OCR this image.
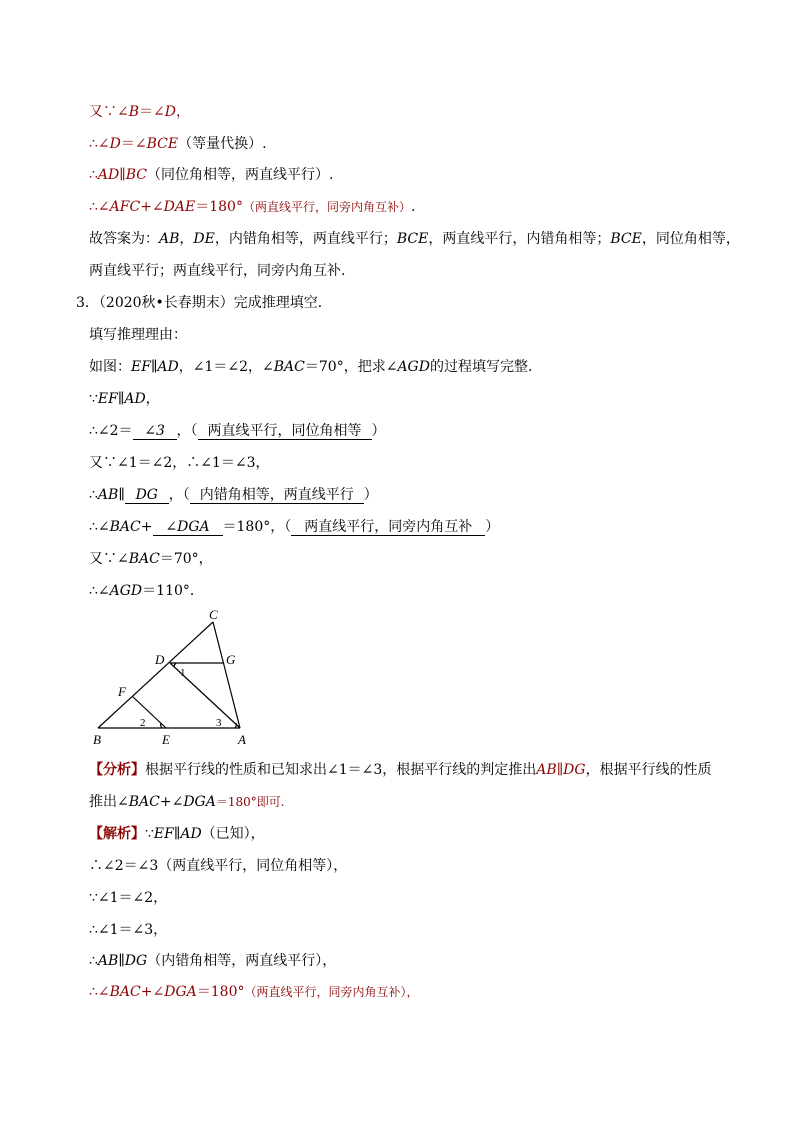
又∵∠B＝∠D，
∴∠D＝∠BCE（等量代换）.
∴AD∥BC（同位角相等，两直线平行）.
∴∠AFC+∠DAE＝180°（两直线平行，同旁内角互补）.
故答案为：AB，DE，内错角相等，两直线平行；BCE，两直线平行，内错角相等；BCE，同位角相等，
两直线平行；两直线平行，同旁内角互补.
3．（2020秋•长春期末）完成推理填空．
填写推理理由：
如图：EF∥AD，∠1＝∠2，∠BAC＝70°，把求∠AGD的过程填写完整．
∵EF∥AD，
∴∠2＝ ∠3 ，（ 两直线平行，同位角相等 ）
又∵∠1＝∠2，∴∠1＝∠3，
∴AB∥ DG ，（ 内错角相等，两直线平行 ）
∴∠BAC+ ∠DGA ＝180°，（ 两直线平行，同旁内角互补 ）
又∵∠BAC＝70°，
∴∠AGD＝110°．
C
D	G
F
B	E	A
1
2	3
【分析】根据平行线的性质和已知求出∠1＝∠3，根据平行线的判定推出AB∥DG，根据平行线的性质
推出∠BAC+∠DGA＝180°即可.
【解析】∵EF∥AD（已知），
∴∠2＝∠3（两直线平行，同位角相等），
∵∠1＝∠2，
∴∠1＝∠3，
∴AB∥DG（内错角相等，两直线平行），
∴∠BAC+∠DGA＝180°（两直线平行，同旁内角互补），
